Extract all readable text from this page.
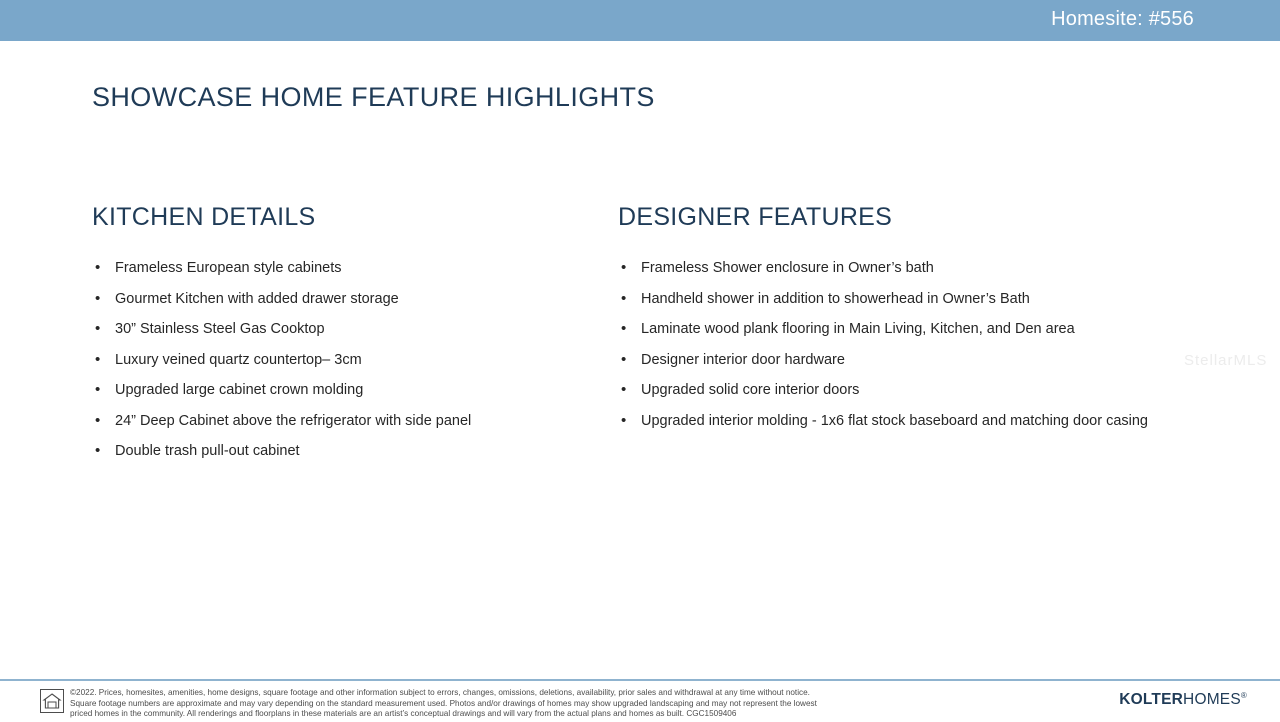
Homesite: #556
SHOWCASE HOME FEATURE HIGHLIGHTS
KITCHEN DETAILS
• Frameless European style cabinets
• Gourmet Kitchen with added drawer storage
• 30” Stainless Steel Gas Cooktop
• Luxury veined quartz countertop– 3cm
• Upgraded large cabinet crown molding
• 24” Deep Cabinet above the refrigerator with side panel
• Double trash pull-out cabinet
DESIGNER FEATURES
• Frameless Shower enclosure in Owner’s bath
• Handheld shower in addition to showerhead in Owner’s Bath
• Laminate wood plank flooring in Main Living, Kitchen, and Den area
• Designer interior door hardware
• Upgraded solid core interior doors
• Upgraded interior molding - 1x6 flat stock baseboard and matching door casing
StellarMLS
©2022. Prices, homesites, amenities, home designs, square footage and other information subject to errors, changes, omissions, deletions, availability, prior sales and withdrawal at any time without notice.
Square footage numbers are approximate and may vary depending on the standard measurement used. Photos and/or drawings of homes may show upgraded landscaping and may not represent the lowest
priced homes in the community. All renderings and floorplans in these materials are an artist’s conceptual drawings and will vary from the actual plans and homes as built. CGC1509406
KOLTERHOMES®
